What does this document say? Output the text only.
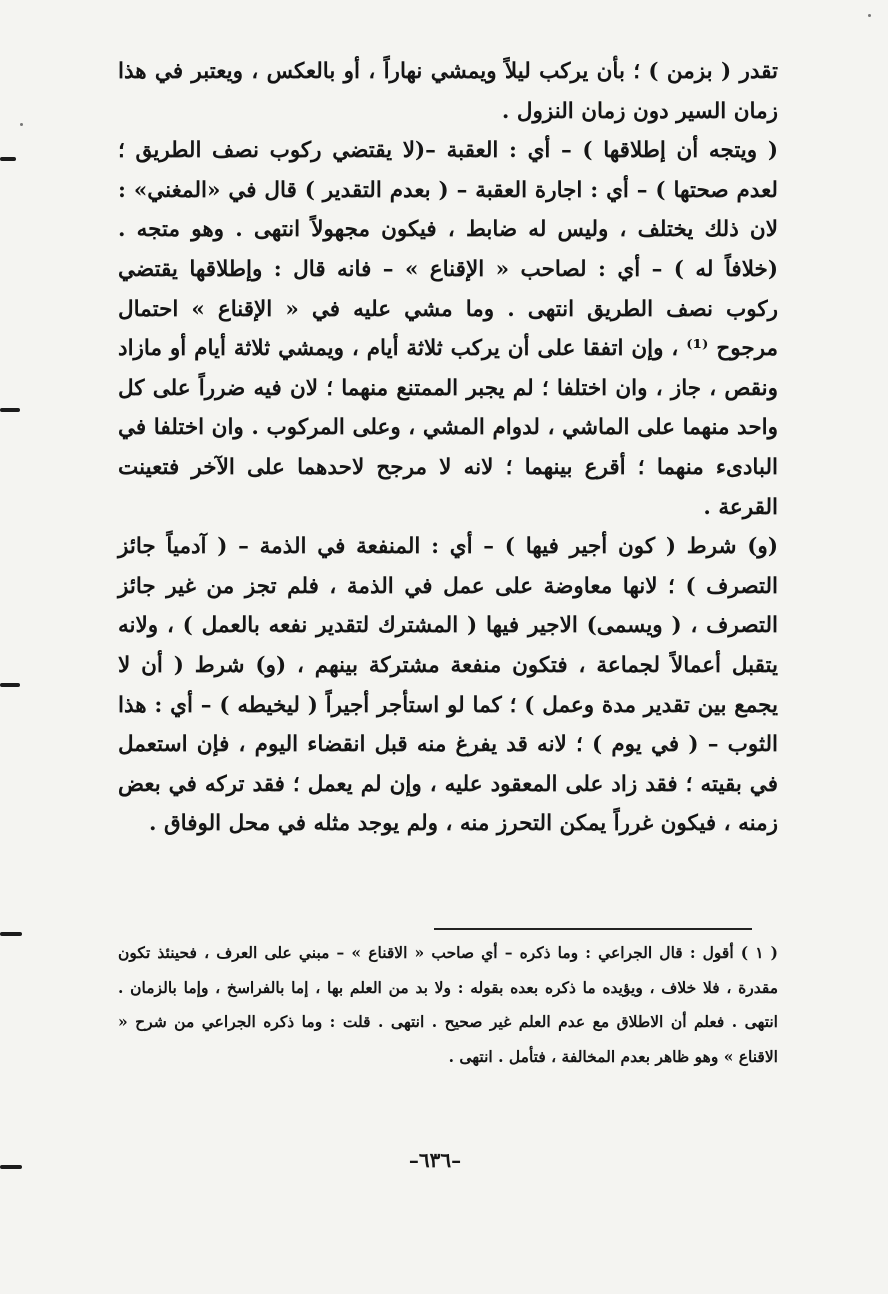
تقدر ( بزمن ) ؛ بأن يركب ليلاً ويمشي نهاراً ، أو بالعكس ، ويعتبر في هذا زمان السير دون زمان النزول .

( ويتجه أن إطلاقها ) – أي : العقبة –(لا يقتضي ركوب نصف الطريق ؛ لعدم صحتها ) – أي : اجارة العقبة – ( بعدم التقدير ) قال في «المغني» : لان ذلك يختلف ، وليس له ضابط ، فيكون مجهولاً انتهى . وهو متجه . (خلافاً له ) – أي : لصاحب « الإقناع » – فانه قال : وإطلاقها يقتضي ركوب نصف الطريق انتهى . وما مشي عليه في « الإقناع » احتمال مرجوح ⁽¹⁾ ، وإن اتفقا على أن يركب ثلاثة أيام ، ويمشي ثلاثة أيام أو مازاد ونقص ، جاز ، وان اختلفا ؛ لم يجبر الممتنع منهما ؛ لان فيه ضرراً على كل واحد منهما على الماشي ، لدوام المشي ، وعلى المركوب . وان اختلفا في البادىء منهما ؛ أقرع بينهما ؛ لانه لا مرجح لاحدهما على الآخر فتعينت القرعة .

(و) شرط ( كون أجير فيها ) – أي : المنفعة في الذمة – ( آدمياً جائز التصرف ) ؛ لانها معاوضة على عمل في الذمة ، فلم تجز من غير جائز التصرف ، ( ويسمى) الاجير فيها ( المشترك لتقدير نفعه بالعمل ) ، ولانه يتقبل أعمالاً لجماعة ، فتكون منفعة مشتركة بينهم ، (و) شرط ( أن لا يجمع بين تقدير مدة وعمل ) ؛ كما لو استأجر أجيراً ( ليخيطه ) – أي : هذا الثوب – ( في يوم ) ؛ لانه قد يفرغ منه قبل انقضاء اليوم ، فإن استعمل في بقيته ؛ فقد زاد على المعقود عليه ، وإن لم يعمل ؛ فقد تركه في بعض زمنه ، فيكون غرراً يمكن التحرز منه ، ولم يوجد مثله في محل الوفاق .

( ١ ) أقول : قال الجراعي : وما ذكره – أي صاحب « الاقناع » – مبني على العرف ، فحينئذ تكون مقدرة ، فلا خلاف ، ويؤيده ما ذكره بعده بقوله : ولا بد من العلم بها ، إما بالفراسخ ، وإما بالزمان . انتهى . فعلم أن الاطلاق مع عدم العلم غير صحيح . انتهى . قلت : وما ذكره الجراعي من شرح « الاقناع » وهو ظاهر بعدم المخالفة ، فتأمل . انتهى .

–٦٣٦–
